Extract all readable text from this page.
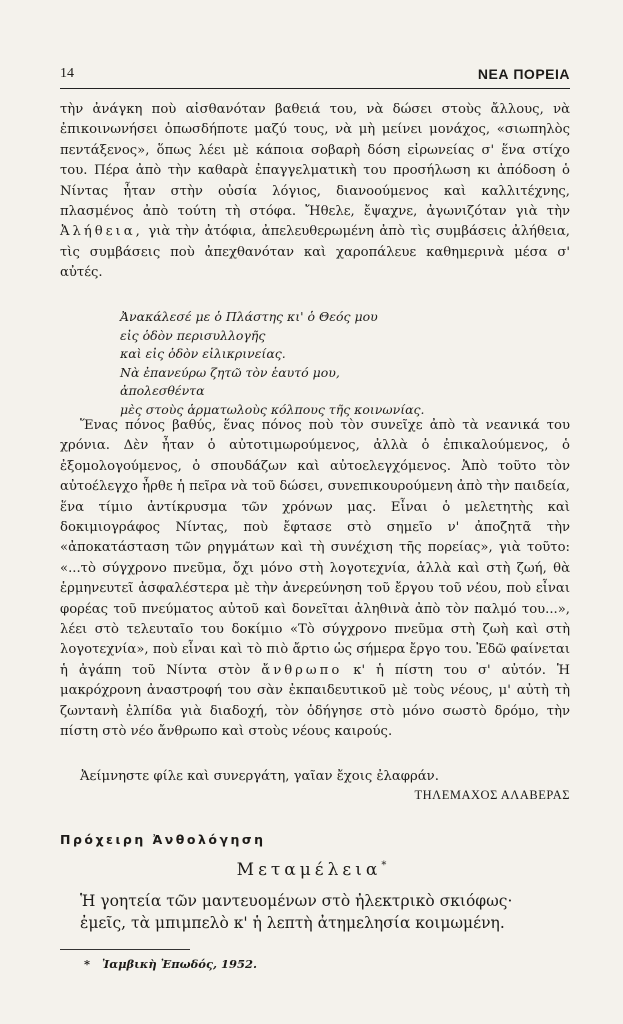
14	ΝΕΑ ΠΟΡΕΙΑ

τὴν ἀνάγκη ποὺ αἰσθανόταν βαθειά του, νὰ δώσει στοὺς ἄλλους, νὰ ἐπικοινωνήσει ὁπωσδήποτε μαζύ τους, νὰ μὴ μείνει μονάχος, «σιωπηλὸς πεντάξενος», ὅπως λέει μὲ κάποια σοβαρὴ δόση εἰρωνείας σ' ἕνα στίχο του. Πέρα ἀπὸ τὴν καθαρὰ ἐπαγγελματικὴ του προσήλωση κι ἀπόδοση ὁ Νίντας ἦταν στὴν οὐσία λόγιος, διανοούμενος καὶ καλλιτέχνης, πλασμένος ἀπὸ τούτη τὴ στόφα. Ἤθελε, ἔψαχνε, ἀγωνιζόταν γιὰ τὴν Ἀλήθεια, γιὰ τὴν ἀτόφια, ἀπελευθερωμένη ἀπὸ τὶς συμβάσεις ἀλήθεια, τὶς συμβάσεις ποὺ ἀπεχθανόταν καὶ χαροπάλευε καθημερινὰ μέσα σ' αὐτές.

Ἀνακάλεσέ με ὁ Πλάστης κι' ὁ Θεός μου
εἰς ὁδὸν περισυλλογῆς
καὶ εἰς ὁδὸν εἰλικρινείας.
Νὰ ἐπανεύρω ζητῶ τὸν ἑαυτό μου,
ἀπολεσθέντα
μὲς στοὺς ἁρματωλοὺς κόλπους τῆς κοινωνίας.

Ἕνας πόνος βαθύς, ἕνας πόνος ποὺ τὸν συνεῖχε ἀπὸ τὰ νεανικά του χρόνια. Δὲν ἦταν ὁ αὐτοτιμωρούμενος, ἀλλὰ ὁ ἐπικαλούμενος, ὁ ἐξομολογούμενος, ὁ σπουδάζων καὶ αὐτοελεγχόμενος. Ἀπὸ τοῦτο τὸν αὐτοέλεγχο ἦρθε ἡ πεῖρα νὰ τοῦ δώσει, συνεπικουρούμενη ἀπὸ τὴν παιδεία, ἕνα τίμιο ἀντίκρυσμα τῶν χρόνων μας. Εἶναι ὁ μελετητὴς καὶ δοκιμιογράφος Νίντας, ποὺ ἔφτασε στὸ σημεῖο ν' ἀποζητᾶ τὴν «ἀποκατάσταση τῶν ρηγμάτων καὶ τὴ συνέχιση τῆς πορείας», γιὰ τοῦτο: «...τὸ σύγχρονο πνεῦμα, ὄχι μόνο στὴ λογοτεχνία, ἀλλὰ καὶ στὴ ζωή, θὰ ἑρμηνευτεῖ ἀσφαλέστερα μὲ τὴν ἀνερεύνηση τοῦ ἔργου τοῦ νέου, ποὺ εἶναι φορέας τοῦ πνεύματος αὐτοῦ καὶ δονεῖται ἀληθινὰ ἀπὸ τὸν παλμό του...», λέει στὸ τελευταῖο του δοκίμιο «Τὸ σύγχρονο πνεῦμα στὴ ζωὴ καὶ στὴ λογοτεχνία», ποὺ εἶναι καὶ τὸ πιὸ ἄρτιο ὡς σήμερα ἔργο του. Ἐδῶ φαίνεται ἡ ἀγάπη τοῦ Νίντα στὸν ἄνθρωπο κ' ἡ πίστη του σ' αὐτόν. Ἡ μακρόχρονη ἀναστροφή του σὰν ἐκπαιδευτικοῦ μὲ τοὺς νέους, μ' αὐτὴ τὴ ζωντανὴ ἐλπίδα γιὰ διαδοχή, τὸν ὁδήγησε στὸ μόνο σωστὸ δρόμο, τὴν πίστη στὸ νέο ἄνθρωπο καὶ στοὺς νέους καιρούς.

Ἀείμνηστε φίλε καὶ συνεργάτη, γαῖαν ἔχοις ἐλαφράν.

ΤΗΛΕΜΑΧΟΣ ΑΛΑΒΕΡΑΣ
Πρόχειρη Ἀνθολόγηση
Μεταμέλεια*
Ἡ γοητεία τῶν μαντευομένων στὸ ἠλεκτρικὸ σκιόφως·
ἐμεῖς, τὰ μπιμπελὸ κ' ἡ λεπτὴ ἀτημελησία κοιμωμένη.
* Ἰαμβικὴ Ἐπωδός, 1952.
